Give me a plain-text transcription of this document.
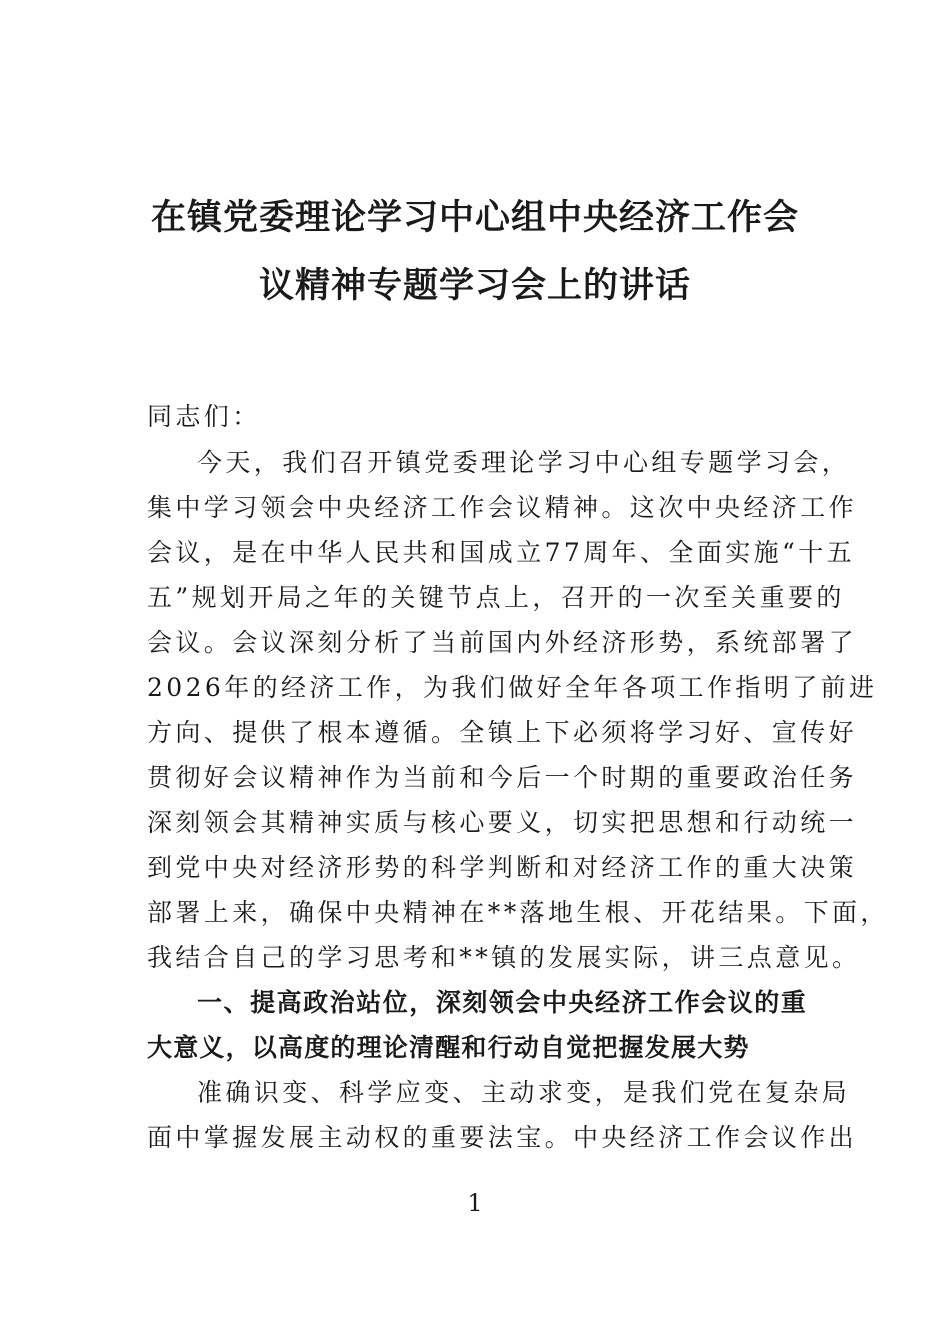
在镇党委理论学习中心组中央经济工作会
议精神专题学习会上的讲话

同志们：

今天，我们召开镇党委理论学习中心组专题学习会，

集中学习领会中央经济工作会议精神。这次中央经济工作

会议，是在中华人民共和国成立77周年、全面实施“十五

五”规划开局之年的关键节点上，召开的一次至关重要的

会议。会议深刻分析了当前国内外经济形势，系统部署了

2026年的经济工作，为我们做好全年各项工作指明了前进

方向、提供了根本遵循。全镇上下必须将学习好、宣传好

贯彻好会议精神作为当前和今后一个时期的重要政治任务

深刻领会其精神实质与核心要义，切实把思想和行动统一

到党中央对经济形势的科学判断和对经济工作的重大决策

部署上来，确保中央精神在**落地生根、开花结果。下面，

我结合自己的学习思考和**镇的发展实际，讲三点意见。

一、提高政治站位，深刻领会中央经济工作会议的重

大意义，以高度的理论清醒和行动自觉把握发展大势

准确识变、科学应变、主动求变，是我们党在复杂局

面中掌握发展主动权的重要法宝。中央经济工作会议作出

1
